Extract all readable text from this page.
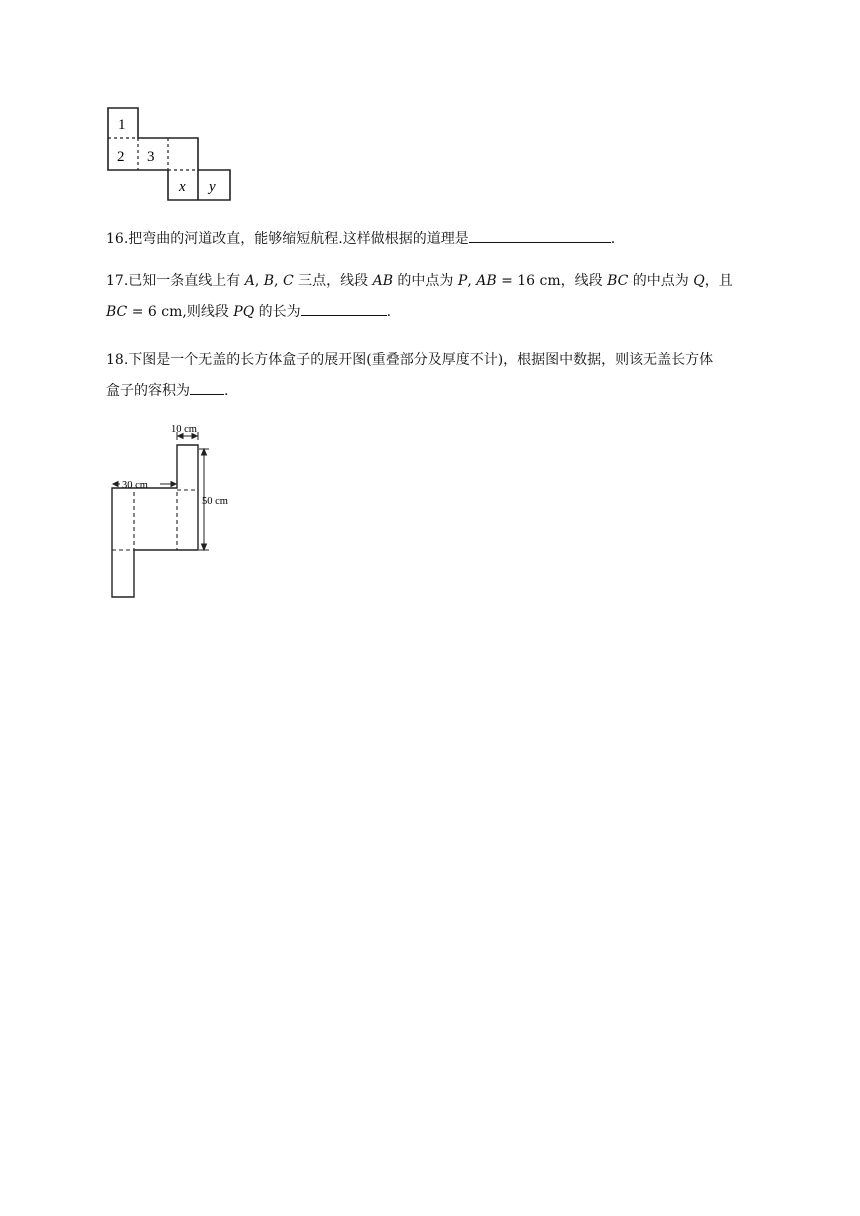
1
2 3
x y
16.把弯曲的河道改直，能够缩短航程.这样做根据的道理是	.
17.已知一条直线上有 A, B, C 三点，线段 AB 的中点为 P, AB = 16 cm，线段 BC 的中点为 Q，且
BC = 6 cm,则线段 PQ 的长为	.
18.下图是一个无盖的长方体盒子的展开图(重叠部分及厚度不计)，根据图中数据，则该无盖长方体
盒子的容积为 .
10 cm
30 cm
50 cm
